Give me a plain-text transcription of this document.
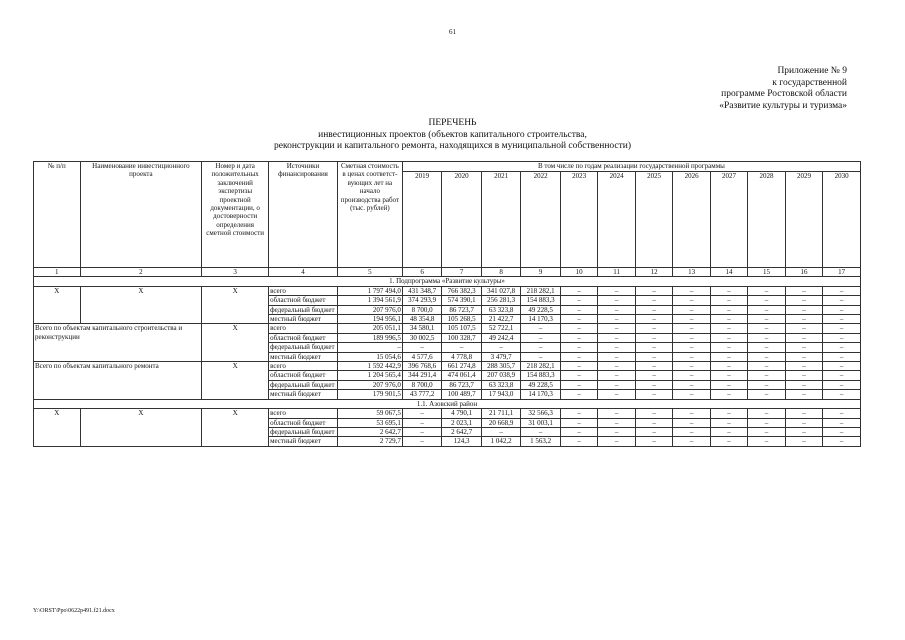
61
Приложение № 9
к государственной
программе Ростовской области
«Развитие культуры и туризма»
ПЕРЕЧЕНЬ
инвестиционных проектов (объектов капитального строительства,
реконструкции и капитального ремонта, находящихся в муниципальной собственности)
№ п/п	Наименование инвестиционного проекта	Номер и дата положительных заключений экспертизы проектной документации, о достоверности определения сметной стоимости	Источники финансирования	Сметная стоимость в ценах соответст-вующих лет на начало производства работ (тыс. рублей)	В том числе по годам реализации государственной программы											
					2019	2020	2021	2022	2023	2024	2025	2026	2027	2028	2029	2030
1	2	3	4	5	6	7	8	9	10	11	12	13	14	15	16	17
1. Подпрограмма «Развитие культуры»																
Х	Х	Х	всего	1 797 494,0	431 348,7	766 382,3	341 027,8	218 282,1	–	–	–	–	–	–	–	–
			областной бюджет	1 394 561,9	374 293,9	574 390,1	256 281,3	154 883,3	–	–	–	–	–	–	–	–
			федеральный бюджет	207 976,0	8 700,0	86 723,7	63 323,8	49 228,5	–	–	–	–	–	–	–	–
			местный бюджет	194 956,1	48 354,8	105 268,5	21 422,7	14 170,3	–	–	–	–	–	–	–	–
Всего по объектам капитального строительства и реконструкции		Х	всего	205 051,1	34 580,1	105 107,5	52 722,1	–	–	–	–	–	–	–	–	–
			областной бюджет	189 996,5	30 002,5	100 328,7	49 242,4	–	–	–	–	–	–	–	–	–
			федеральный бюджет	–	–	–	–	–	–	–	–	–	–	–	–	–
			местный бюджет	15 054,6	4 577,6	4 778,8	3 479,7	–	–	–	–	–	–	–	–	–
Всего по объектам капитального ремонта		Х	всего	1 592 442,9	396 768,6	661 274,8	288 305,7	218 282,1	–	–	–	–	–	–	–	–
			областной бюджет	1 204 565,4	344 291,4	474 061,4	207 038,9	154 883,3	–	–	–	–	–	–	–	–
			федеральный бюджет	207 976,0	8 700,0	86 723,7	63 323,8	49 228,5	–	–	–	–	–	–	–	–
			местный бюджет	179 901,5	43 777,2	100 489,7	17 943,0	14 170,3	–	–	–	–	–	–	–	–
1.1. Азовский район																
Х	Х	Х	всего	59 067,5	–	4 790,1	21 711,1	32 566,3	–	–	–	–	–	–	–	–
			областной бюджет	53 695,1	–	2 023,1	20 668,9	31 003,1	–	–	–	–	–	–	–	–
			федеральный бюджет	2 642,7	–	2 642,7	–	–	–	–	–	–	–	–	–	–
			местный бюджет	2 729,7	–	124,3	1 042,2	1 563,2	–	–	–	–	–	–	–	–
Y:\ORST\Ppo\0622p491.f21.docx
